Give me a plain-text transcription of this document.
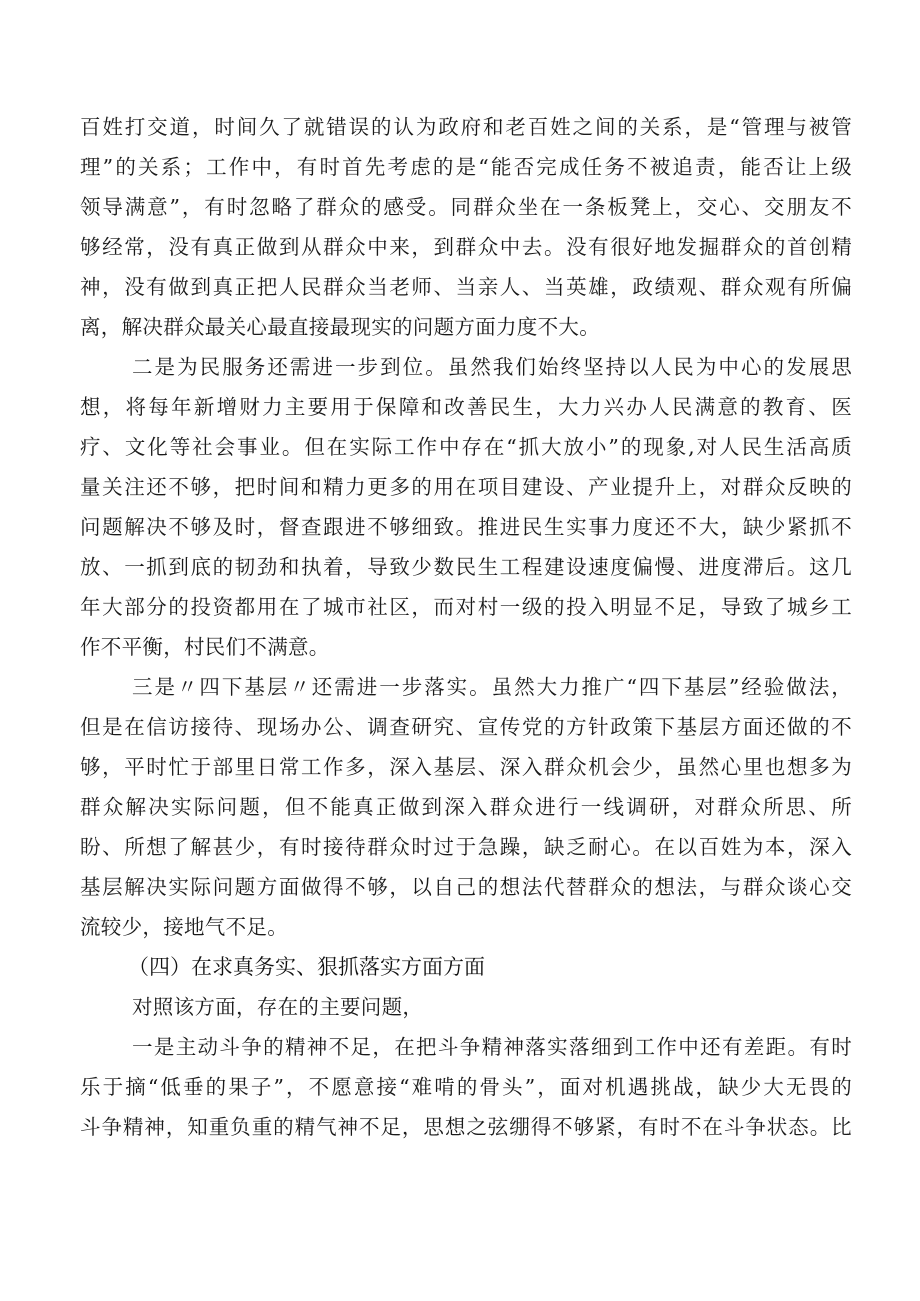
百姓打交道，时间久了就错误的认为政府和老百姓之间的关系，是“管理与被管
理”的关系；工作中，有时首先考虑的是“能否完成任务不被追责，能否让上级
领导满意”，有时忽略了群众的感受。同群众坐在一条板凳上，交心、交朋友不
够经常，没有真正做到从群众中来，到群众中去。没有很好地发掘群众的首创精
神，没有做到真正把人民群众当老师、当亲人、当英雄，政绩观、群众观有所偏
离，解决群众最关心最直接最现实的问题方面力度不大。
二是为民服务还需进一步到位。虽然我们始终坚持以人民为中心的发展思
想，将每年新增财力主要用于保障和改善民生，大力兴办人民满意的教育、医
疗、文化等社会事业。但在实际工作中存在“抓大放小”的现象,对人民生活高质
量关注还不够，把时间和精力更多的用在项目建设、产业提升上，对群众反映的
问题解决不够及时，督查跟进不够细致。推进民生实事力度还不大，缺少紧抓不
放、一抓到底的韧劲和执着，导致少数民生工程建设速度偏慢、进度滞后。这几
年大部分的投资都用在了城市社区，而对村一级的投入明显不足，导致了城乡工
作不平衡，村民们不满意。
三是〃四下基层〃还需进一步落实。虽然大力推广“四下基层”经验做法，
但是在信访接待、现场办公、调查研究、宣传党的方针政策下基层方面还做的不
够，平时忙于部里日常工作多，深入基层、深入群众机会少，虽然心里也想多为
群众解决实际问题，但不能真正做到深入群众进行一线调研，对群众所思、所
盼、所想了解甚少，有时接待群众时过于急躁，缺乏耐心。在以百姓为本，深入
基层解决实际问题方面做得不够，以自己的想法代替群众的想法，与群众谈心交
流较少，接地气不足。
（四）在求真务实、狠抓落实方面方面
对照该方面，存在的主要问题，
一是主动斗争的精神不足，在把斗争精神落实落细到工作中还有差距。有时
乐于摘“低垂的果子”，不愿意接“难啃的骨头”，面对机遇挑战，缺少大无畏的
斗争精神，知重负重的精气神不足，思想之弦绷得不够紧，有时不在斗争状态。比
